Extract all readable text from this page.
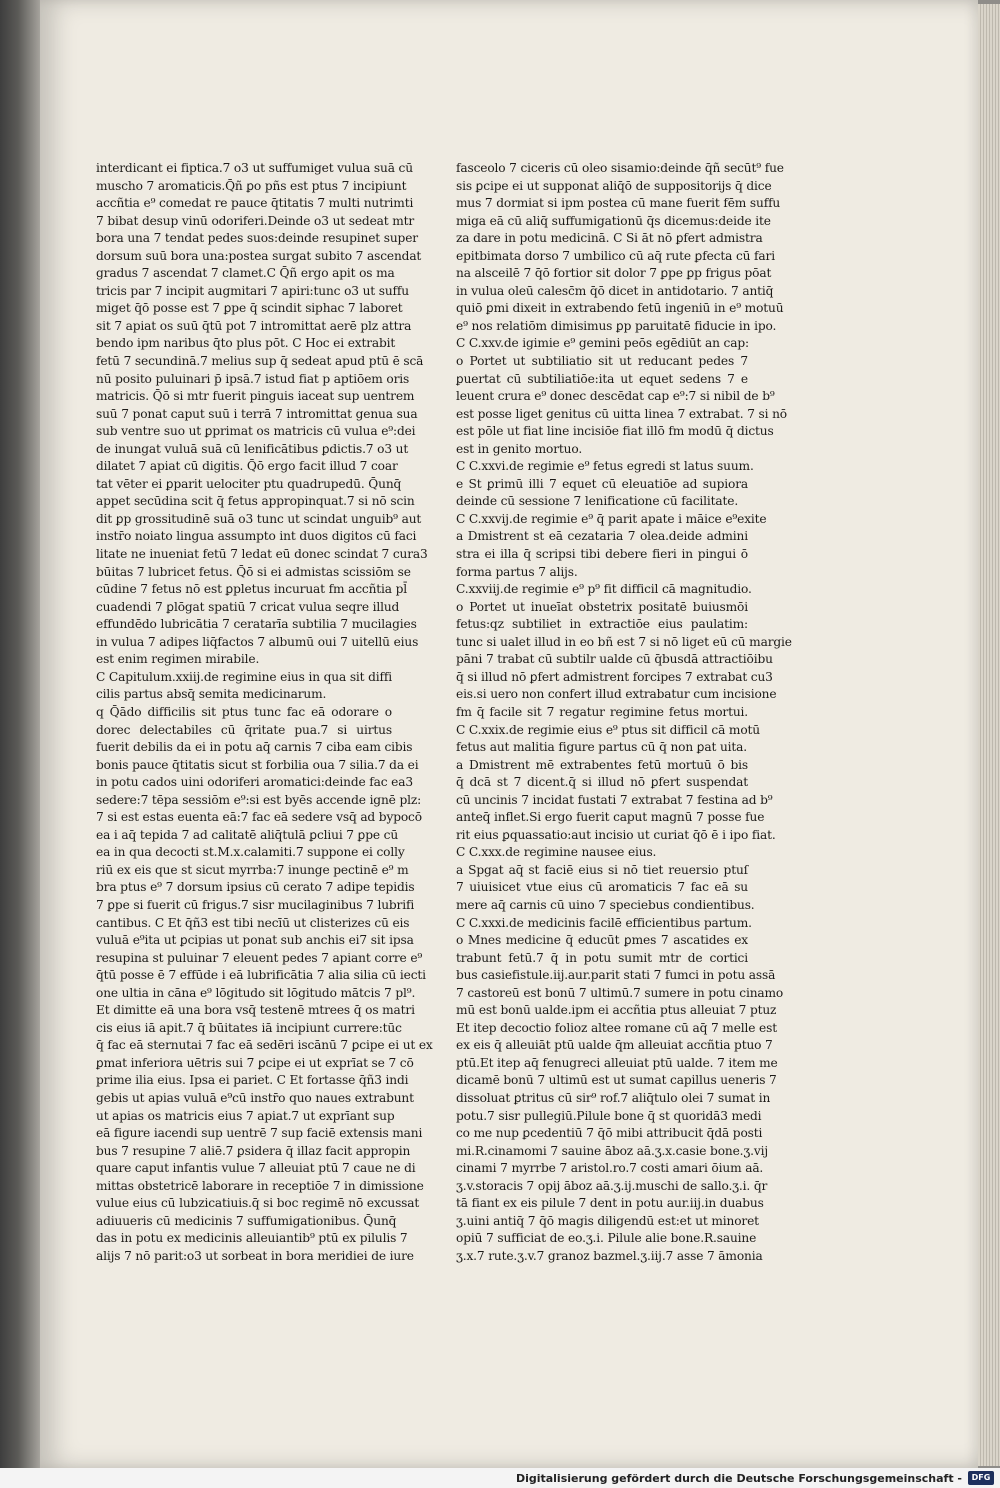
interdicant ei fiptica.7 o3 ut suffumiget vulua suā cū
muscho 7 aromaticis.Q̄ñ ꝑo pñs est ptus 7 incipiunt
accñtia e⁹ comedat re pauce q̄titatis 7 multi nutrimti
7 bibat desup vinū odoriferi.Deinde o3 ut sedeat mtr
bora una 7 tendat pedes suos:deinde resupinet super
dorsum suū bora una:postea surgat subito 7 ascendat
gradus 7 ascendat 7 clamet.C Q̄ñ ergo apit os ma
tricis par 7 incipit augmitari 7 apiri:tunc o3 ut suffu
miget q̄ō posse est 7 ꝑpe q̄ scindit siphac 7 laboret
sit 7 apiat os suū q̄tū pot 7 intromittat aerē plz attra
bendo ipm naribus q̄to plus pōt. C Hoc ei extrabit
fetū 7 secundinā.7 melius sup q̄ sedeat apud ptū ē scā
nū posito puluinari p̄ ipsā.7 istud fiat p aptiōem oris
matricis. Q̄ō si mtr fuerit pinguis iaceat sup uentrem
suū 7 ponat caput suū i terrā 7 intromittat genua sua
sub ventre suo ut ꝑprimat os matricis cū vulua e⁹:dei
de inungat vuluā suā cū lenificātibus ꝑdictis.7 o3 ut
dilatet 7 apiat cū digitis. Q̄ō ergo facit illud 7 coar
tat vēter ei ꝑparit uelociter ptu quadrupedū. Q̄unq̄
appet secūdina scit q̄ fetus appropinquat.7 si nō scin
dit ꝑp grossitudinē suā o3 tunc ut scindat unguib⁹ aut
instr̄o noiato lingua assumpto int duos digitos cū faci
litate ne inueniat fetū 7 ledat eū donec scindat 7 cura3
būitas 7 lubricet fetus. Q̄ō si ei admistas scissiōm se
cūdine 7 fetus nō est ꝑpletus incuruat fm accñtia pl̄
cuadendi 7 ꝑlōgat spatiū 7 cricat vulua seqre illud
effundēdo lubricātia 7 ceratarīa subtilia 7 mucilagies
in vulua 7 adipes liq̄factos 7 albumū oui 7 uitellū eius
est enim regimen mirabile.
C Capitulum.xxiij.de regimine eius in qua sit diffi
cilis partus absq̄ semita medicinarum.
q Q̄ādo difficilis sit ptus tunc fac eā odorare o
dorec delectabiles cū q̄ritate pua.7 si uirtus
fuerit debilis da ei in potu aq̄ carnis 7 ciba eam cibis
bonis pauce q̄titatis sicut st forbilia oua 7 silia.7 da ei
in potu cados uini odoriferi aromatici:deinde fac ea3
sedere:7 tēpa sessiōm e⁹:si est byēs accende ignē plz:
7 si est estas euenta eā:7 fac eā sedere vsq̄ ad bypocō
ea i aq̄ tepida 7 ad calitatē aliq̄tulā ꝑcliui 7 ꝑpe cū
ea in qua decocti st.M.x.calamiti.7 suppone ei colly
riū ex eis que st sicut myrrba:7 inunge pectinē e⁹ m
bra ptus e⁹ 7 dorsum ipsius cū cerato 7 adipe tepidis
7 ꝑpe si fuerit cū frigus.7 sisr mucilaginibus 7 lubrifi
cantibus. C Et q̄ñ3 est tibi necīū ut clisterizes cū eis
vuluā e⁹ita ut ꝑcipias ut ponat sub anchis ei7 sit ipsa
resupina st puluinar 7 eleuent pedes 7 apiant corre e⁹
q̄tū posse ē 7 effūde i eā lubrificātia 7 alia silia cū iecti
one ultia in cāna e⁹ lōgitudo sit lōgitudo mātcis 7 pl⁹.
Et dimitte eā una bora vsq̄ testenē mtrees q̄ os matri
cis eius iā apit.7 q̄ būitates iā incipiunt currere:tūc
q̄ fac eā sternutai 7 fac eā sedēri iscānū 7 ꝑcipe ei ut ex
ꝑmat inferiora uētris sui 7 ꝑcipe ei ut exprīat se 7 cō
prime ilia eius. Ipsa ei pariet. C Et fortasse q̄ñ3 indi
gebis ut apias vuluā e⁹cū instr̄o quo naues extrabunt
ut apias os matricis eius 7 apiat.7 ut exprīant sup
eā figure iacendi sup uentrē 7 sup faciē extensis mani
bus 7 resupine 7 aliē.7 ꝑsidera q̄ illaz facit appropin
quare caput infantis vulue 7 alleuiat ptū 7 caue ne di
mittas obstetricē laborare in receptiōe 7 in dimissione
vulue eius cū lubzicatiuis.q̄ si boc regimē nō excussat
adiuueris cū medicinis 7 suffumigationibus. Q̄unq̄
das in potu ex medicinis alleuiantib⁹ ptū ex pilulis 7
alijs 7 nō parit:o3 ut sorbeat in bora meridiei de iure
fasceolo 7 ciceris cū oleo sisamio:deinde q̄ñ secūt⁹ fue
sis ꝑcipe ei ut supponat aliq̄ō de suppositorijs q̄ dice
mus 7 dormiat si ipm postea cū mane fuerit fēm suffu
miga eā cū aliq̄ suffumigationū q̄s dicemus:deide ite
za dare in potu medicinā. C Si āt nō ꝑfert admistra
epitbimata dorso 7 umbilico cū aq̄ rute ꝑfecta cū fari
na alsceilē 7 q̄ō fortior sit dolor 7 ꝑpe ꝑp frigus pōat
in vulua oleū calesc̄m q̄ō dicet in antidotario. 7 antiq̄
quiō ꝑmi dixeit in extrabendo fetū ingeniū in e⁹ motuū
e⁹ nos relatiōm dimisimus ꝑp paruitatē fiducie in ipo.
C C.xxv.de igimie e⁹ gemini peōs egēdiūt an cap:
o Portet ut subtiliatio sit ut reducant pedes 7
ꝑuertat cū subtiliatiōe:ita ut equet sedens 7 e
leuent crura e⁹ donec descēdat cap e⁹:7 si nibil de b⁹
est posse liget genitus cū uitta linea 7 extrabat. 7 si nō
est pōle ut fiat line incisiōe fiat illō fm modū q̄ dictus
est in genito mortuo.
C C.xxvi.de regimie e⁹ fetus egredi st latus suum.
e St ꝑrimū illi 7 equet cū eleuatiōe ad supiora
deinde cū sessione 7 lenificatione cū facilitate.
C C.xxvij.de regimie e⁹ q̄ parit apate i māice e⁹exite
a Dmistrent st eā cezataria 7 olea.deide admini
stra ei illa q̄ scripsi tibi debere fieri in pingui ō
forma partus 7 alijs.
C.xxviij.de regimie e⁹ p⁹ fit difficil cā magnitudio.
o Portet ut inueīat obstetrix positatē buiusmōi
fetus:qz subtiliet in extractiōe eius paulatim:
tunc si ualet illud in eo bñ est 7 si nō liget eū cū margie
pāni 7 trabat cū subtilr ualde cū q̄busdā attractiōibu
q̄ si illud nō ꝑfert admistrent forcipes 7 extrabat cu3
eis.si uero non confert illud extrabatur cum incisione
fm q̄ facile sit 7 regatur regimine fetus mortui.
C C.xxix.de regimie eius e⁹ ptus sit difficil cā motū
fetus aut malitia figure partus cū q̄ non ꝑat uita.
a Dmistrent mē extrabentes fetū mortuū ō bis
q̄ dcā st 7 dicent.q̄ si illud nō ꝑfert suspendat
cū uncinis 7 incidat fustati 7 extrabat 7 festina ad b⁹
anteq̄ inflet.Si ergo fuerit caput magnū 7 posse fue
rit eius ꝑquassatio:aut incisio ut curiat q̄ō ē i ipo fiat.
C C.xxx.de regimine nausee eius.
a Spgat aq̄ st faciē eius si nō tiet reuersio ptuſ
7 uiuisicet vtue eius cū aromaticis 7 fac eā su
mere aq̄ carnis cū uino 7 speciebus condientibus.
C C.xxxi.de medicinis facilē efficientibus partum.
o Mnes medicine q̄ educūt ꝑmes 7 ascatides ex
trabunt fetū.7 q̄ in potu sumit mtr de cortici
bus casiefistule.iij.aur.parit stati 7 fumci in potu assā
7 castoreū est bonū 7 ultimū.7 sumere in potu cinamo
mū est bonū ualde.ipm ei accñtia ptus alleuiat 7 ptuz
Et itep decoctio folioz altee romane cū aq̄ 7 melle est
ex eis q̄ alleuiāt ptū ualde q̄m alleuiat accñtia ptuo 7
ptū.Et itep aq̄ fenugreci alleuiat ptū ualde. 7 item me
dicamē bonū 7 ultimū est ut sumat capillus ueneris 7
dissoluat ꝑtritus cū sir⁹ rof.7 aliq̄tulo olei 7 sumat in
potu.7 sisr pullegiū.Pilule bone q̄ st quoridā3 medi
co me nup ꝑcedentiū 7 q̄ō mibi attribucit q̄dā posti
mi.R.cinamomi 7 sauine āboz aā.ʒ.x.casie bone.ʒ.vij
cinami 7 myrrbe 7 aristol.ro.7 costi amari ōium aā.
ʒ.v.storacis 7 opij āboz aā.ʒ.ij.muschi de sallo.ʒ.i. q̄r
tā fiant ex eis pilule 7 dent in potu aur.iij.in duabus
ʒ.uini antiq̄ 7 q̄ō magis diligendū est:et ut minoret
opiū 7 sufficiat de eo.ʒ.i. Pilule alie bone.R.sauine
ʒ.x.7 rute.ʒ.v.7 granoz bazmel.ʒ.iij.7 asse 7 āmonia
Digitalisierung gefördert durch die Deutsche Forschungsgemeinschaft -	DFG
